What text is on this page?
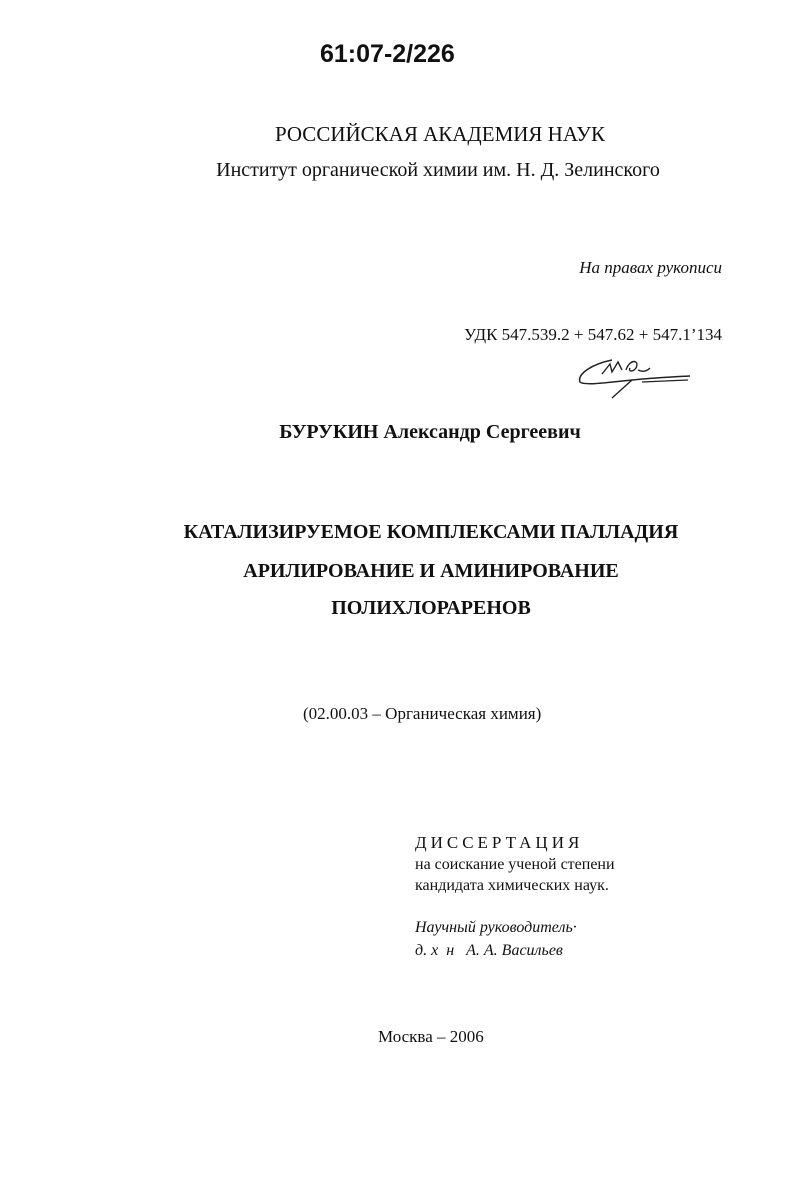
61:07-2/226
РОССИЙСКАЯ АКАДЕМИЯ НАУК
Институт органической химии им. Н. Д. Зелинского
На правах рукописи
УДК 547.539.2 + 547.62 + 547.1’134
БУРУКИН Александр Сергеевич
КАТАЛИЗИРУЕМОЕ КОМПЛЕКСАМИ ПАЛЛАДИЯ
АРИЛИРОВАНИЕ И АМИНИРОВАНИЕ
ПОЛИХЛОРАРЕНОВ
(02.00.03 – Органическая химия)
ДИССЕРТАЦИЯ
на соискание ученой степени
кандидата химических наук.
Научный руководитель·
д. х  н   А. А. Васильев
Москва – 2006
